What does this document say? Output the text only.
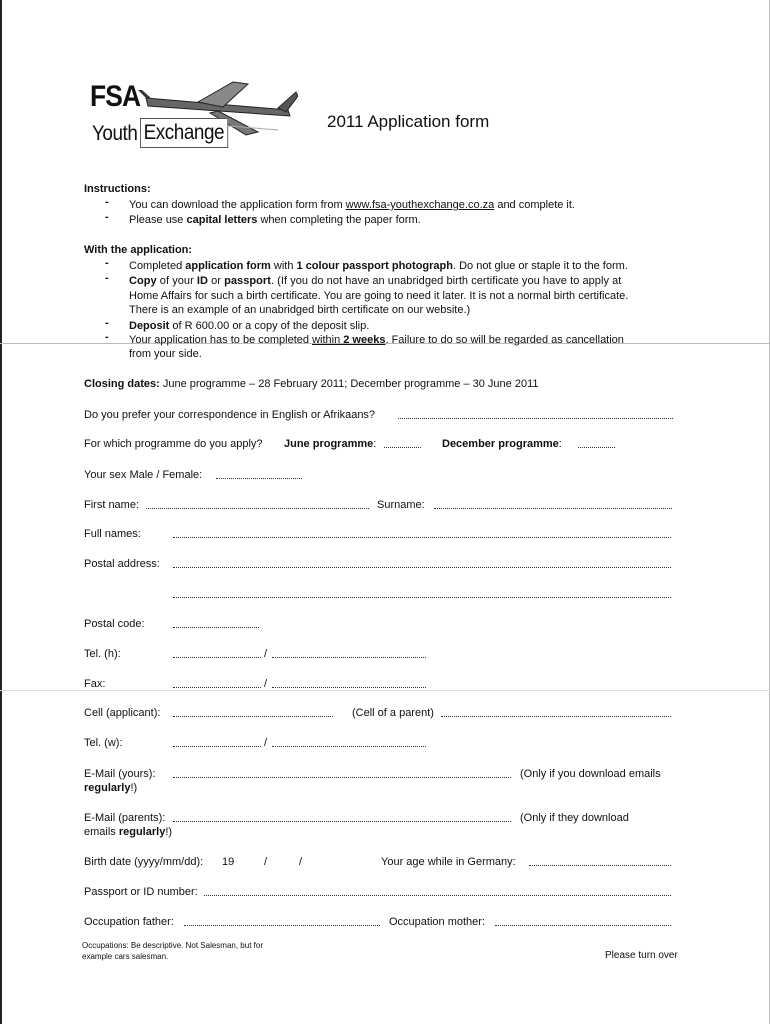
FSA
Youth Exchange	2011 Application form
Instructions:
- You can download the application form from www.fsa-youthexchange.co.za and complete it.
- Please use capital letters when completing the paper form.
With the application:
- Completed application form with 1 colour passport photograph. Do not glue or staple it to the form.
- Copy of your ID or passport. (If you do not have an unabridged birth certificate you have to apply at
Home Affairs for such a birth certificate. You are going to need it later. It is not a normal birth certificate.
There is an example of an unabridged birth certificate on our website.)
- Deposit of R 600.00 or a copy of the deposit slip.
- Your application has to be completed within 2 weeks. Failure to do so will be regarded as cancellation
from your side.
Closing dates: June programme – 28 February 2011; December programme – 30 June 2011
Do you prefer your correspondence in English or Afrikaans?
For which programme do you apply? June programme:	December programme:
Your sex Male / Female:
First name:	Surname:
Full names:
Postal address:
Postal code:
Tel. (h):	/
Fax:	/
Cell (applicant):	(Cell of a parent)
Tel. (w):	/
E-Mail (yours):	(Only if you download emails
regularly!)
E-Mail (parents):	(Only if they download
emails regularly!)
Birth date (yyyy/mm/dd): 19	/	/	Your age while in Germany:
Passport or ID number:
Occupation father:	Occupation mother:
Occupations: Be descriptive. Not Salesman, but for
example cars salesman.	Please turn over
